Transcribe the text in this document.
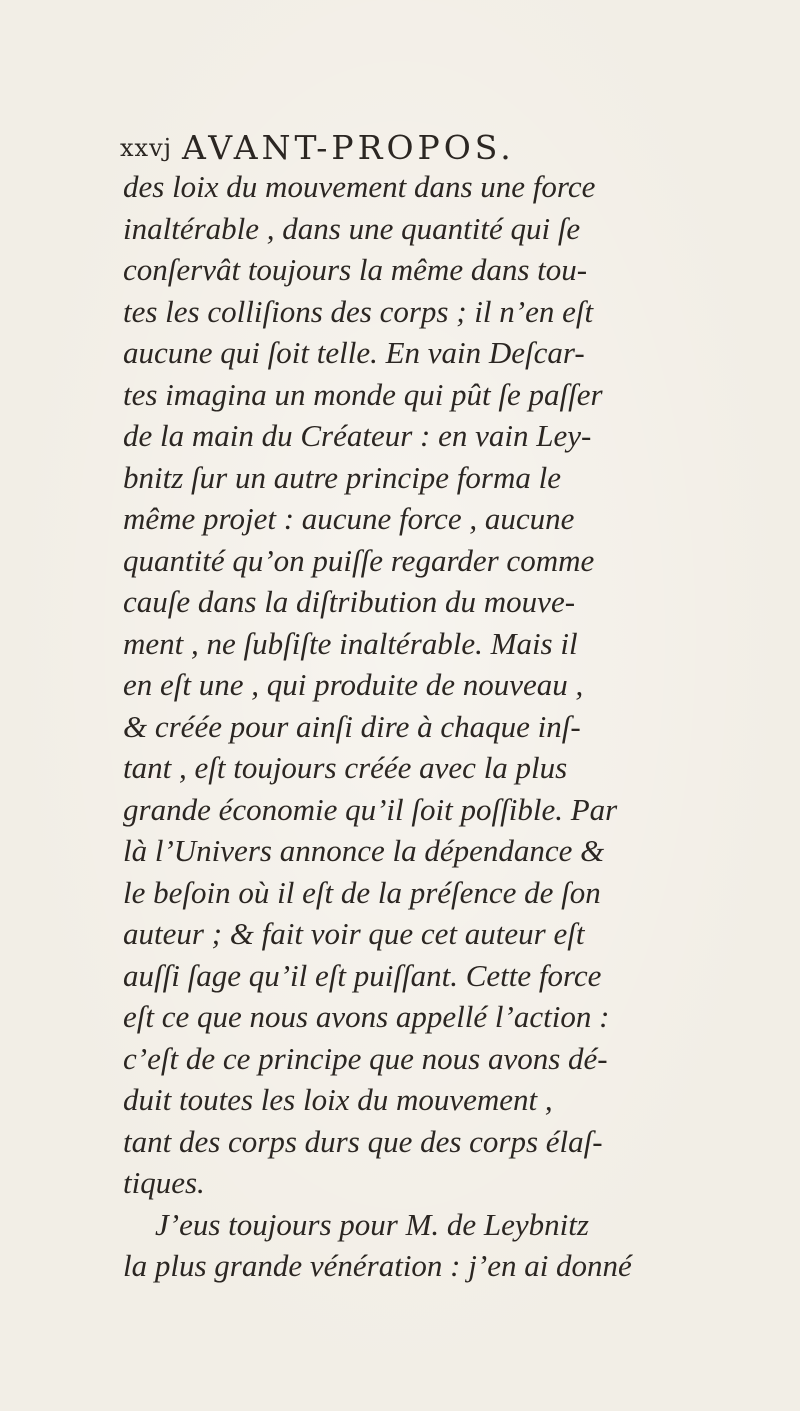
xxvj AVANT-PROPOS.
des loix du mouvement dans une force
inaltérable , dans une quantité qui ſe
conſervât toujours la même dans tou-
tes les colliſions des corps ; il n’en eſt
aucune qui ſoit telle. En vain Deſcar-
tes imagina un monde qui pût ſe paſſer
de la main du Créateur : en vain Ley-
bnitz ſur un autre principe forma le
même projet : aucune force , aucune
quantité qu’on puiſſe regarder comme
cauſe dans la diſtribution du mouve-
ment , ne ſubſiſte inaltérable. Mais il
en eſt une , qui produite de nouveau ,
& créée pour ainſi dire à chaque inſ-
tant , eſt toujours créée avec la plus
grande économie qu’il ſoit poſſible. Par
là l’Univers annonce la dépendance &
le beſoin où il eſt de la préſence de ſon
auteur ; & fait voir que cet auteur eſt
auſſi ſage qu’il eſt puiſſant. Cette force
eſt ce que nous avons appellé l’action :
c’eſt de ce principe que nous avons dé-
duit toutes les loix du mouvement ,
tant des corps durs que des corps élaſ-
tiques.
J’eus toujours pour M. de Leybnitz
la plus grande vénération : j’en ai donné
